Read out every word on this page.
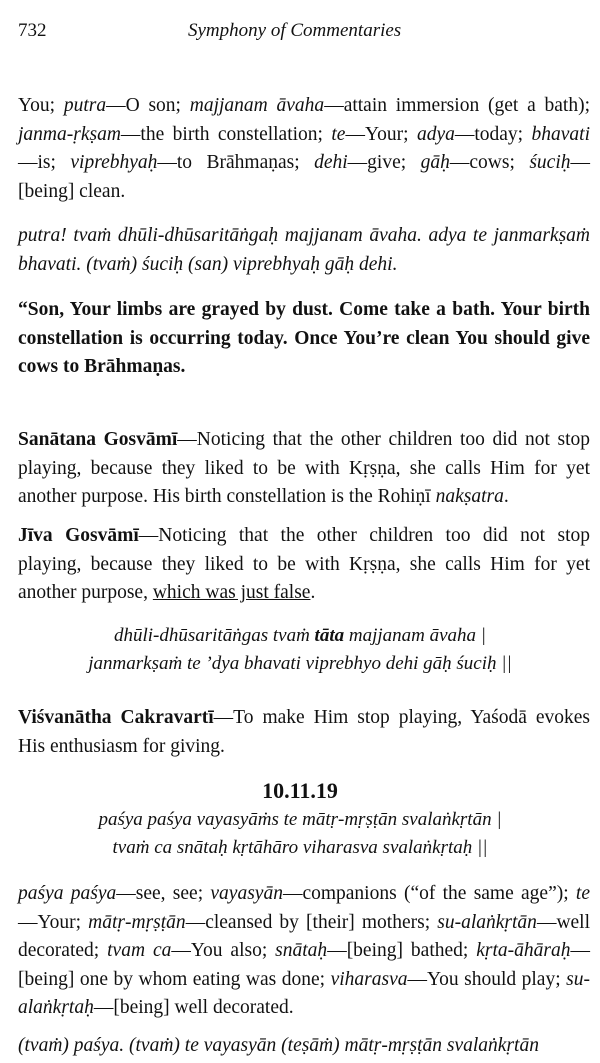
732	Symphony of Commentaries
You; putra—O son; majjanam āvaha—attain immersion (get a bath); janma-ṛkṣam—the birth constellation; te—Your; adya—today; bhavati—is; viprebhyaḥ—to Brāhmaṇas; dehi—give; gāḥ—cows; śuciḥ—[being] clean.
putra! tvaṁ dhūli-dhūsaritāṅgaḥ majjanam āvaha. adya te janmarkṣaṁ bhavati. (tvaṁ) śuciḥ (san) viprebhyaḥ gāḥ dehi.
“Son, Your limbs are grayed by dust. Come take a bath. Your birth constellation is occurring today. Once You’re clean You should give cows to Brāhmaṇas.
Sanātana Gosvāmī—Noticing that the other children too did not stop playing, because they liked to be with Kṛṣṇa, she calls Him for yet another purpose. His birth constellation is the Rohiṇī nakṣatra.
Jīva Gosvāmī—Noticing that the other children too did not stop playing, because they liked to be with Kṛṣṇa, she calls Him for yet another purpose, which was just false.
dhūli-dhūsaritāṅgas tvaṁ tāta majjanam āvaha |
janmarkṣaṁ te ’dya bhavati viprebhyo dehi gāḥ śuciḥ ||
Viśvanātha Cakravartī—To make Him stop playing, Yaśodā evokes His enthusiasm for giving.
10.11.19
paśya paśya vayasyāṁs te mātṛ-mṛṣṭān svalaṅkṛtān |
tvaṁ ca snātaḥ kṛtāhāro viharasva svalaṅkṛtaḥ ||
paśya paśya—see, see; vayasyān—companions (“of the same age”); te—Your; mātṛ-mṛṣṭān—cleansed by [their] mothers; su-alaṅkṛtān—well decorated; tvam ca—You also; snātaḥ—[being] bathed; kṛta-āhāraḥ—[being] one by whom eating was done; viharasva—You should play; su-alaṅkṛtaḥ—[being] well decorated.
(tvaṁ) paśya. (tvaṁ) te vayasyān (teṣāṁ) mātṛ-mṛṣṭān svalaṅkṛtān
